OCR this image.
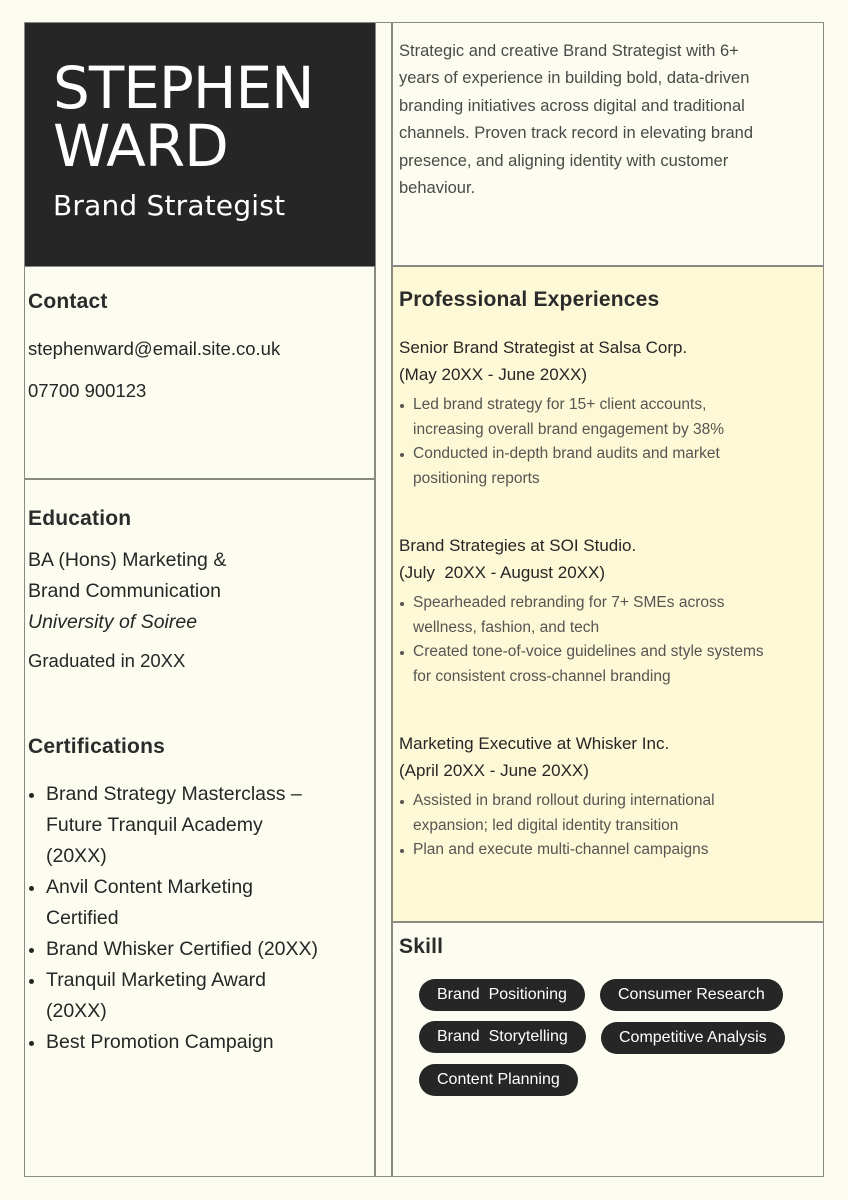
STEPHEN
WARD
Brand Strategist
Strategic and creative Brand Strategist with 6+ years of experience in building bold, data-driven branding initiatives across digital and traditional channels. Proven track record in elevating brand presence, and aligning identity with customer behaviour.
Contact
stephenward@email.site.co.uk
07700 900123
Education
BA (Hons) Marketing &
Brand Communication
University of Soiree
Graduated in 20XX
Certifications
Brand Strategy Masterclass – Future Tranquil Academy (20XX)
Anvil Content Marketing Certified
Brand Whisker Certified (20XX)
Tranquil Marketing Award (20XX)
Best Promotion Campaign
Professional Experiences
Senior Brand Strategist at Salsa Corp.
(May 20XX - June 20XX)
Led brand strategy for 15+ client accounts, increasing overall brand engagement by 38%
Conducted in-depth brand audits and market positioning reports
Brand Strategies at SOI Studio.
(July  20XX - August 20XX)
Spearheaded rebranding for 7+ SMEs across wellness, fashion, and tech
Created tone-of-voice guidelines and style systems for consistent cross-channel branding
Marketing Executive at Whisker Inc.
(April 20XX - June 20XX)
Assisted in brand rollout during international expansion; led digital identity transition
Plan and execute multi-channel campaigns
Skill
Brand  Positioning	Consumer Research
Brand  Storytelling	Competitive Analysis
Content Planning
